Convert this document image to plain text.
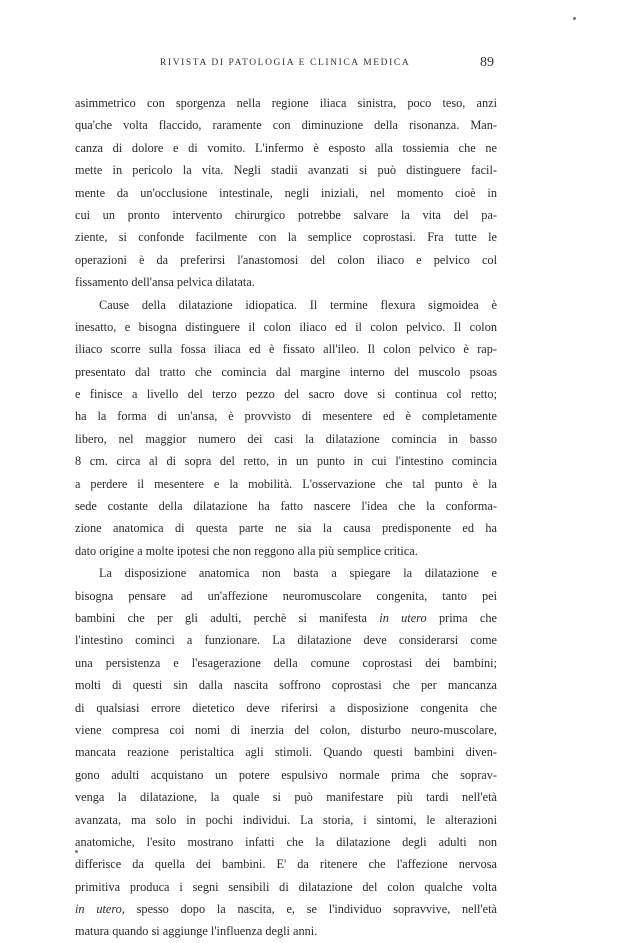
RIVISTA DI PATOLOGIA E CLINICA MEDICA	89
asimmetrico con sporgenza nella regione iliaca sinistra, poco teso, anzi
qua'che volta flaccido, raramente con diminuzione della risonanza. Man-
canza di dolore e di vomito. L'infermo è esposto alla tossiemia che ne
mette in pericolo la vita. Negli stadii avanzati si può distinguere facil-
mente da un'occlusione intestinale, negli iniziali, nel momento cioè in
cui un pronto intervento chirurgico potrebbe salvare la vita del pa-
ziente, si confonde facilmente con la semplice coprostasi. Fra tutte le
operazioni è da preferirsi l'anastomosi del colon iliaco e pelvico col
fissamento dell'ansa pelvica dilatata.
Cause della dilatazione idiopatica. Il termine flexura sigmoidea è
inesatto, e bisogna distinguere il colon iliaco ed il colon pelvico. Il colon
iliaco scorre sulla fossa iliaca ed è fissato all'ileo. Il colon pelvico è rap-
presentato dal tratto che comincia dal margine interno del muscolo psoas
e finisce a livello del terzo pezzo del sacro dove si continua col retto;
ha la forma di un'ansa, è provvisto di mesentere ed è completamente
libero, nel maggior numero dei casi la dilatazione comincia in basso
8 cm. circa al di sopra del retto, in un punto in cui l'intestino comincia
a perdere il mesentere e la mobilità. L'osservazione che tal punto è la
sede costante della dilatazione ha fatto nascere l'idea che la conforma-
zione anatomica di questa parte ne sia la causa predisponente ed ha
dato origine a molte ipotesi che non reggono alla più semplice critica.
La disposizione anatomica non basta a spiegare la dilatazione e
bisogna pensare ad un'affezione neuromuscolare congenita, tanto pei
bambini che per gli adulti, perchè si manifesta in utero prima che
l'intestino cominci a funzionare. La dilatazione deve considerarsi come
una persistenza e l'esagerazione della comune coprostasi dei bambini;
molti di questi sin dalla nascita soffrono coprostasi che per mancanza
di qualsiasi errore dietetico deve riferirsi a disposizione congenita che
viene compresa coi nomi di inerzia del colon, disturbo neuro-muscolare,
mancata reazione peristaltica agli stimoli. Quando questi bambini diven-
gono adulti acquistano un potere espulsivo normale prima che soprav-
venga la dilatazione, la quale si può manifestare più tardi nell'età
avanzata, ma solo in pochi individui. La storia, i sintomi, le alterazioni
anatomiche, l'esito mostrano infatti che la dilatazione degli adulti non
differisce da quella dei bambini. E' da ritenere che l'affezione nervosa
primitiva produca i segni sensibili di dilatazione del colon qualche volta
in utero, spesso dopo la nascita, e, se l'individuo sopravvive, nell'età
matura quando si aggiunge l'influenza degli anni.
